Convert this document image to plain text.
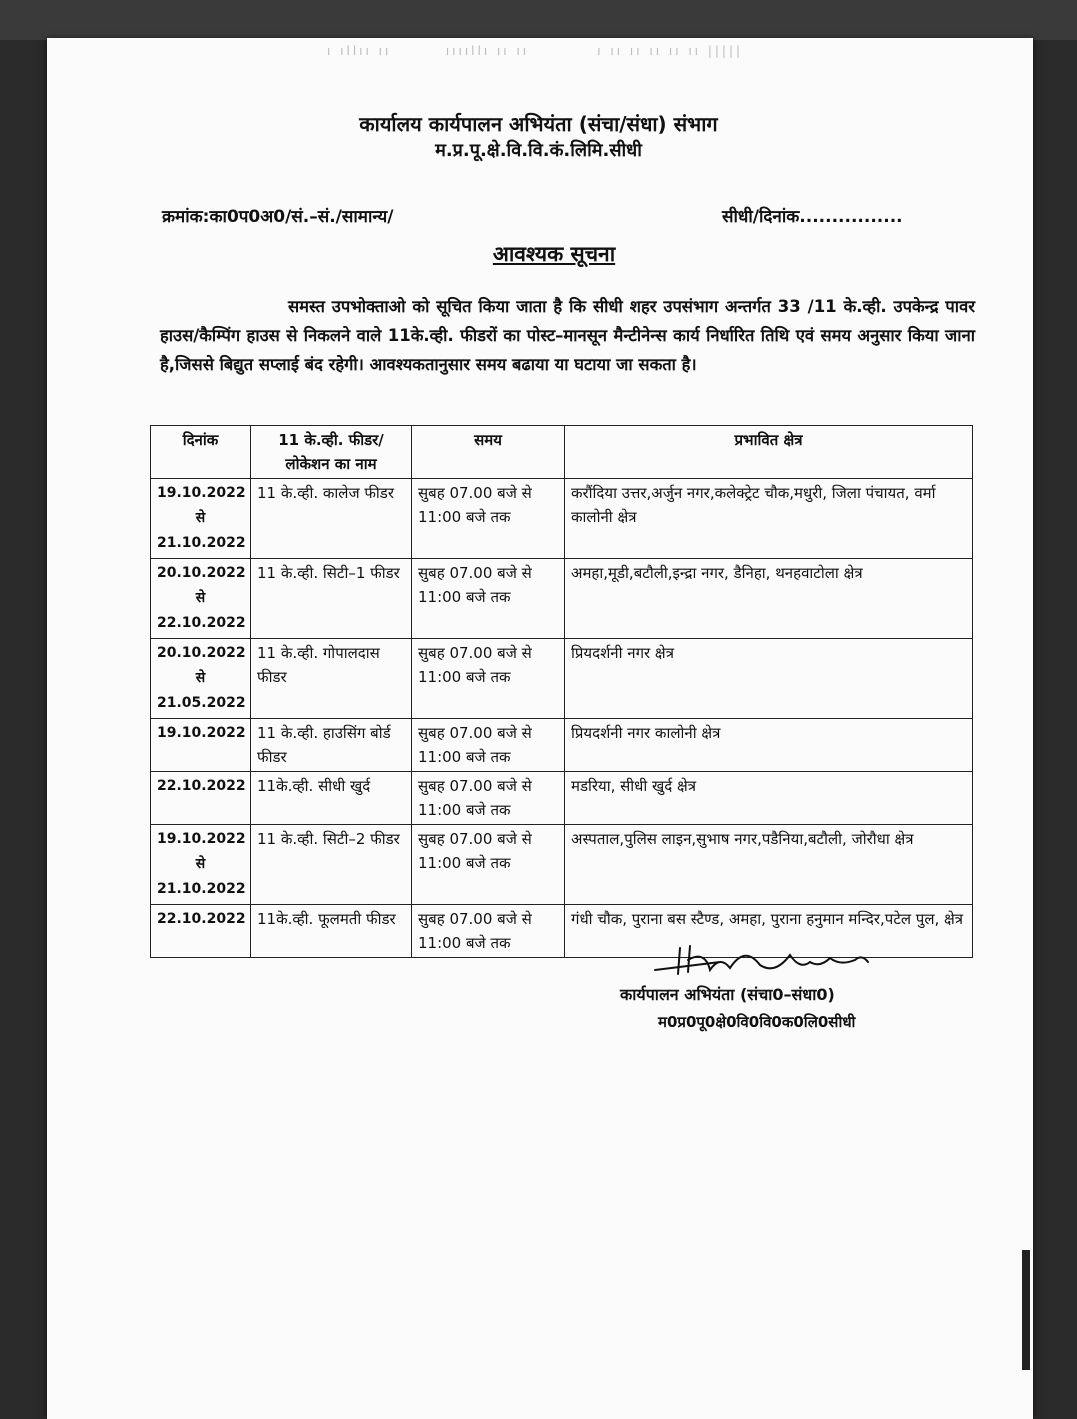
ı ıllıı ıı        ııııllı ıı ıı          ı ıı ıı ıı ıı ıı |||||
कार्यालय कार्यपालन अभियंता (संचा/संधा) संभाग
म.प्र.पू.क्षे.वि.वि.कं.लिमि.सीधी
क्रमांक:का0प0अ0/सं.–सं./सामान्य/	सीधी/दिनांक................
आवश्यक सूचना
समस्त उपभोक्ताओ को सूचित किया जाता है कि सीधी शहर उपसंभाग अन्तर्गत 33 /11 के.व्ही. उपकेन्द्र पावर हाउस/कैम्पिंग हाउस से निकलने वाले 11के.व्ही. फीडरों का पोस्ट–मानसून मैन्टीनेन्स कार्य निर्धारित तिथि एवं समय अनुसार किया जाना है,जिससे बिद्युत सप्लाई बंद रहेगी। आवश्यकतानुसार समय बढाया या घटाया जा सकता है।
दिनांक	11 के.व्ही. फीडर/ लोकेशन का नाम	समय	प्रभावित क्षेत्र

19.10.2022
से
21.10.2022	11 के.व्ही. कालेज फीडर	सुबह 07.00 बजे से 11:00 बजे तक	करौंदिया उत्तर,अर्जुन नगर,कलेक्ट्रेट चौक,मधुरी, जिला पंचायत, वर्मा कालोनी क्षेत्र

20.10.2022
से
22.10.2022	11 के.व्ही. सिटी–1 फीडर	सुबह 07.00 बजे से 11:00 बजे तक	अमहा,मूडी,बटौली,इन्द्रा नगर, डैनिहा, थनहवाटोला क्षेत्र

20.10.2022
से
21.05.2022	11 के.व्ही. गोपालदास फीडर	सुबह 07.00 बजे से 11:00 बजे तक	प्रियदर्शनी नगर क्षेत्र

19.10.2022	11 के.व्ही. हाउसिंग बोर्ड फीडर	सुबह 07.00 बजे से 11:00 बजे तक	प्रियदर्शनी नगर कालोनी क्षेत्र

22.10.2022	11के.व्ही. सीधी खुर्द	सुबह 07.00 बजे से 11:00 बजे तक	मडरिया, सीधी खुर्द क्षेत्र

19.10.2022
से
21.10.2022	11 के.व्ही. सिटी–2 फीडर	सुबह 07.00 बजे से 11:00 बजे तक	अस्पताल,पुलिस लाइन,सुभाष नगर,पडैनिया,बटौली, जोरौधा क्षेत्र

22.10.2022	11के.व्ही. फूलमती फीडर	सुबह 07.00 बजे से 11:00 बजे तक	गंधी चौक, पुराना बस स्टैण्ड, अमहा, पुराना हनुमान मन्दिर,पटेल पुल, क्षेत्र
कार्यपालन अभियंता (संचा0–संधा0)
म0प्र0पू0क्षे0वि0वि0क0लि0सीधी
